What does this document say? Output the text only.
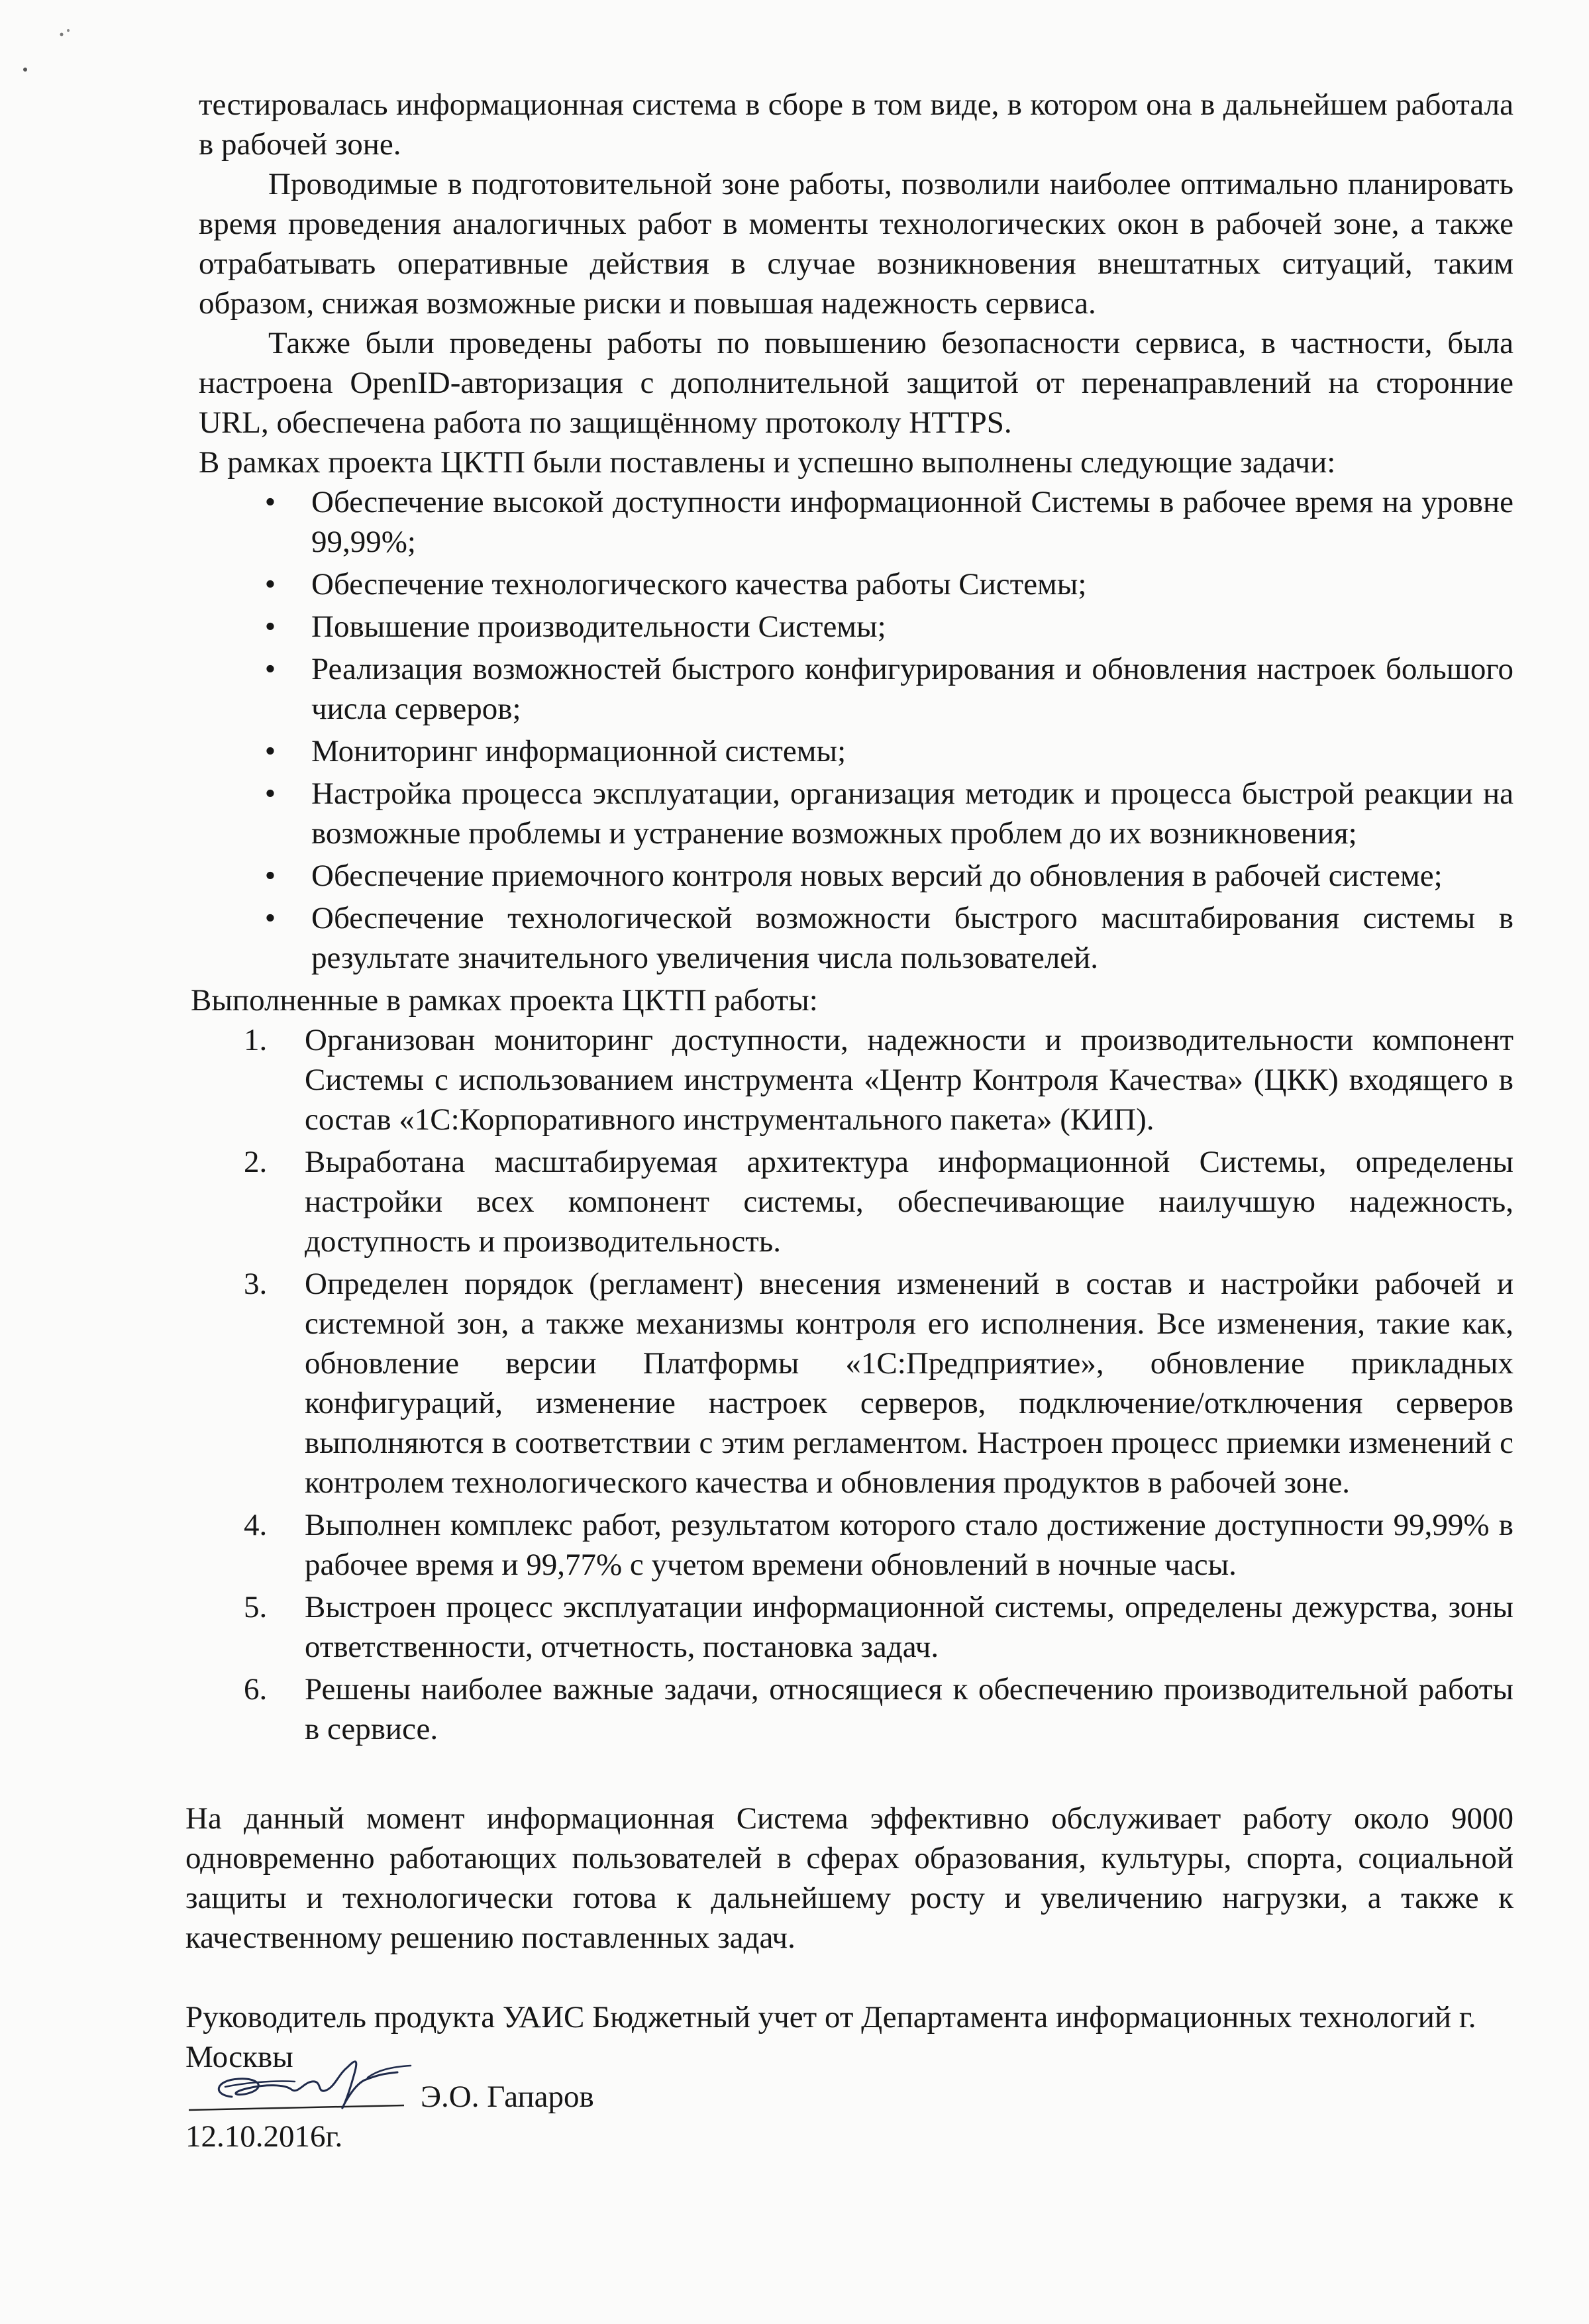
тестировалась информационная система в сборе в том виде, в котором она в дальнейшем работала в рабочей зоне.

Проводимые в подготовительной зоне работы, позволили наиболее оптимально планировать время проведения аналогичных работ в моменты технологических окон в рабочей зоне, а также отрабатывать оперативные действия в случае возникновения внештатных ситуаций, таким образом, снижая возможные риски и повышая надежность сервиса.

Также были проведены работы по повышению безопасности сервиса, в частности, была настроена OpenID-авторизация с дополнительной защитой от перенаправлений на сторонние URL, обеспечена работа по защищённому протоколу HTTPS.

В рамках проекта ЦКТП были поставлены и успешно выполнены следующие задачи:

• Обеспечение высокой доступности информационной Системы в рабочее время на уровне 99,99%;
• Обеспечение технологического качества работы Системы;
• Повышение производительности Системы;
• Реализация возможностей быстрого конфигурирования и обновления настроек большого числа серверов;
• Мониторинг информационной системы;
• Настройка процесса эксплуатации, организация методик и процесса быстрой реакции на возможные проблемы и устранение возможных проблем до их возникновения;
• Обеспечение приемочного контроля новых версий до обновления в рабочей системе;
• Обеспечение технологической возможности быстрого масштабирования системы в результате значительного увеличения числа пользователей.

Выполненные в рамках проекта ЦКТП работы:

1. Организован мониторинг доступности, надежности и производительности компонент Системы с использованием инструмента «Центр Контроля Качества» (ЦКК) входящего в состав «1С:Корпоративного инструментального пакета» (КИП).
2. Выработана масштабируемая архитектура информационной Системы, определены настройки всех компонент системы, обеспечивающие наилучшую надежность, доступность и производительность.
3. Определен порядок (регламент) внесения изменений в состав и настройки рабочей и системной зон, а также механизмы контроля его исполнения. Все изменения, такие как, обновление версии Платформы «1С:Предприятие», обновление прикладных конфигураций, изменение настроек серверов, подключение/отключения серверов выполняются в соответствии с этим регламентом. Настроен процесс приемки изменений с контролем технологического качества и обновления продуктов в рабочей зоне.
4. Выполнен комплекс работ, результатом которого стало достижение доступности 99,99% в рабочее время и 99,77% с учетом времени обновлений в ночные часы.
5. Выстроен процесс эксплуатации информационной системы, определены дежурства, зоны ответственности, отчетность, постановка задач.
6. Решены наиболее важные задачи, относящиеся к обеспечению производительной работы в сервисе.

На данный момент информационная Система эффективно обслуживает работу около 9000 одновременно работающих пользователей в сферах образования, культуры, спорта, социальной защиты и технологически готова к дальнейшему росту и увеличению нагрузки, а также к качественному решению поставленных задач.

Руководитель продукта УАИС Бюджетный учет от Департамента информационных технологий г. Москвы

Э.О. Гапаров
12.10.2016г.
